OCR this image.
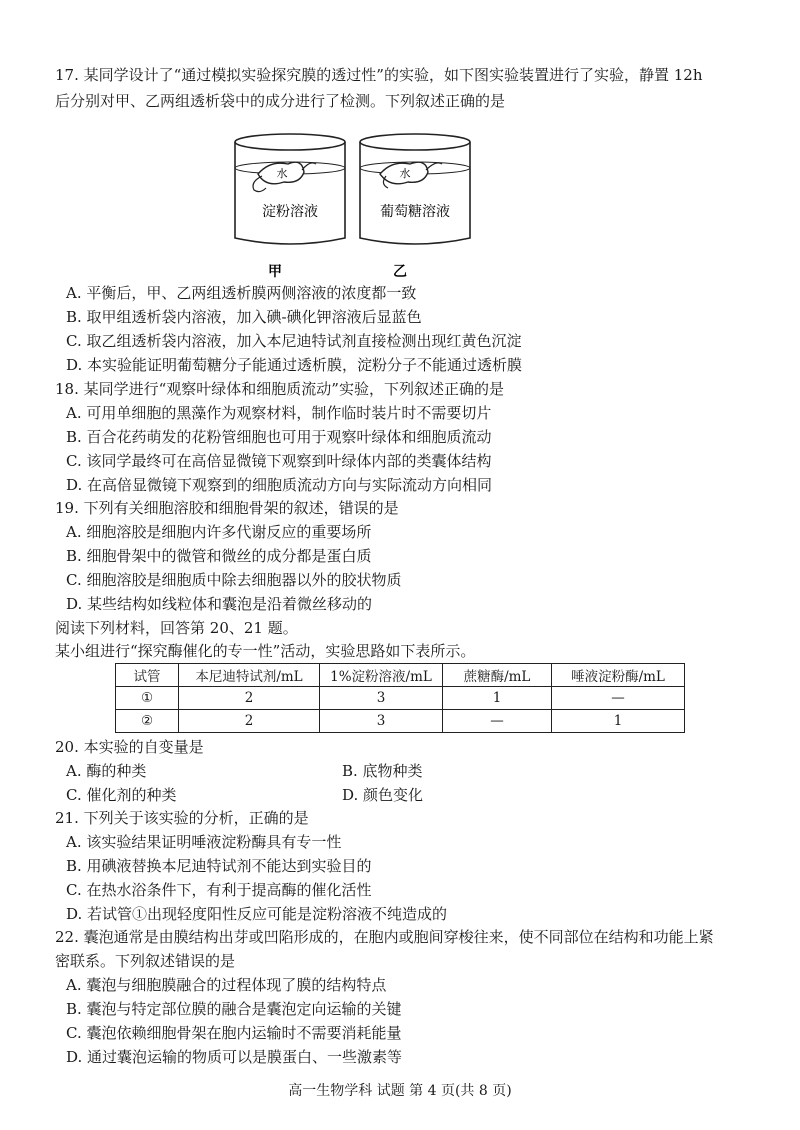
17. 某同学设计了“通过模拟实验探究膜的透过性”的实验，如下图实验装置进行了实验，静置 12h
后分别对甲、乙两组透析袋中的成分进行了检测。下列叙述正确的是
水
淀粉溶液
水
葡萄糖溶液
甲	乙
A. 平衡后，甲、乙两组透析膜两侧溶液的浓度都一致
B. 取甲组透析袋内溶液，加入碘-碘化钾溶液后显蓝色
C. 取乙组透析袋内溶液，加入本尼迪特试剂直接检测出现红黄色沉淀
D. 本实验能证明葡萄糖分子能通过透析膜，淀粉分子不能通过透析膜
18. 某同学进行“观察叶绿体和细胞质流动”实验，下列叙述正确的是
A. 可用单细胞的黑藻作为观察材料，制作临时装片时不需要切片
B. 百合花药萌发的花粉管细胞也可用于观察叶绿体和细胞质流动
C. 该同学最终可在高倍显微镜下观察到叶绿体内部的类囊体结构
D. 在高倍显微镜下观察到的细胞质流动方向与实际流动方向相同
19. 下列有关细胞溶胶和细胞骨架的叙述，错误的是
A. 细胞溶胶是细胞内许多代谢反应的重要场所
B. 细胞骨架中的微管和微丝的成分都是蛋白质
C. 细胞溶胶是细胞质中除去细胞器以外的胶状物质
D. 某些结构如线粒体和囊泡是沿着微丝移动的
阅读下列材料，回答第 20、21 题。
某小组进行“探究酶催化的专一性”活动，实验思路如下表所示。
试管	本尼迪特试剂/mL	1%淀粉溶液/mL	蔗糖酶/mL	唾液淀粉酶/mL
①	2	3	1	—
②	2	3	—	1
20. 本实验的自变量是
A. 酶的种类	B. 底物种类
C. 催化剂的种类	D. 颜色变化
21. 下列关于该实验的分析，正确的是
A. 该实验结果证明唾液淀粉酶具有专一性
B. 用碘液替换本尼迪特试剂不能达到实验目的
C. 在热水浴条件下，有利于提高酶的催化活性
D. 若试管①出现轻度阳性反应可能是淀粉溶液不纯造成的
22. 囊泡通常是由膜结构出芽或凹陷形成的，在胞内或胞间穿梭往来，使不同部位在结构和功能上紧
密联系。下列叙述错误的是
A. 囊泡与细胞膜融合的过程体现了膜的结构特点
B. 囊泡与特定部位膜的融合是囊泡定向运输的关键
C. 囊泡依赖细胞骨架在胞内运输时不需要消耗能量
D. 通过囊泡运输的物质可以是膜蛋白、一些激素等
高一生物学科 试题 第 4 页(共 8 页)
